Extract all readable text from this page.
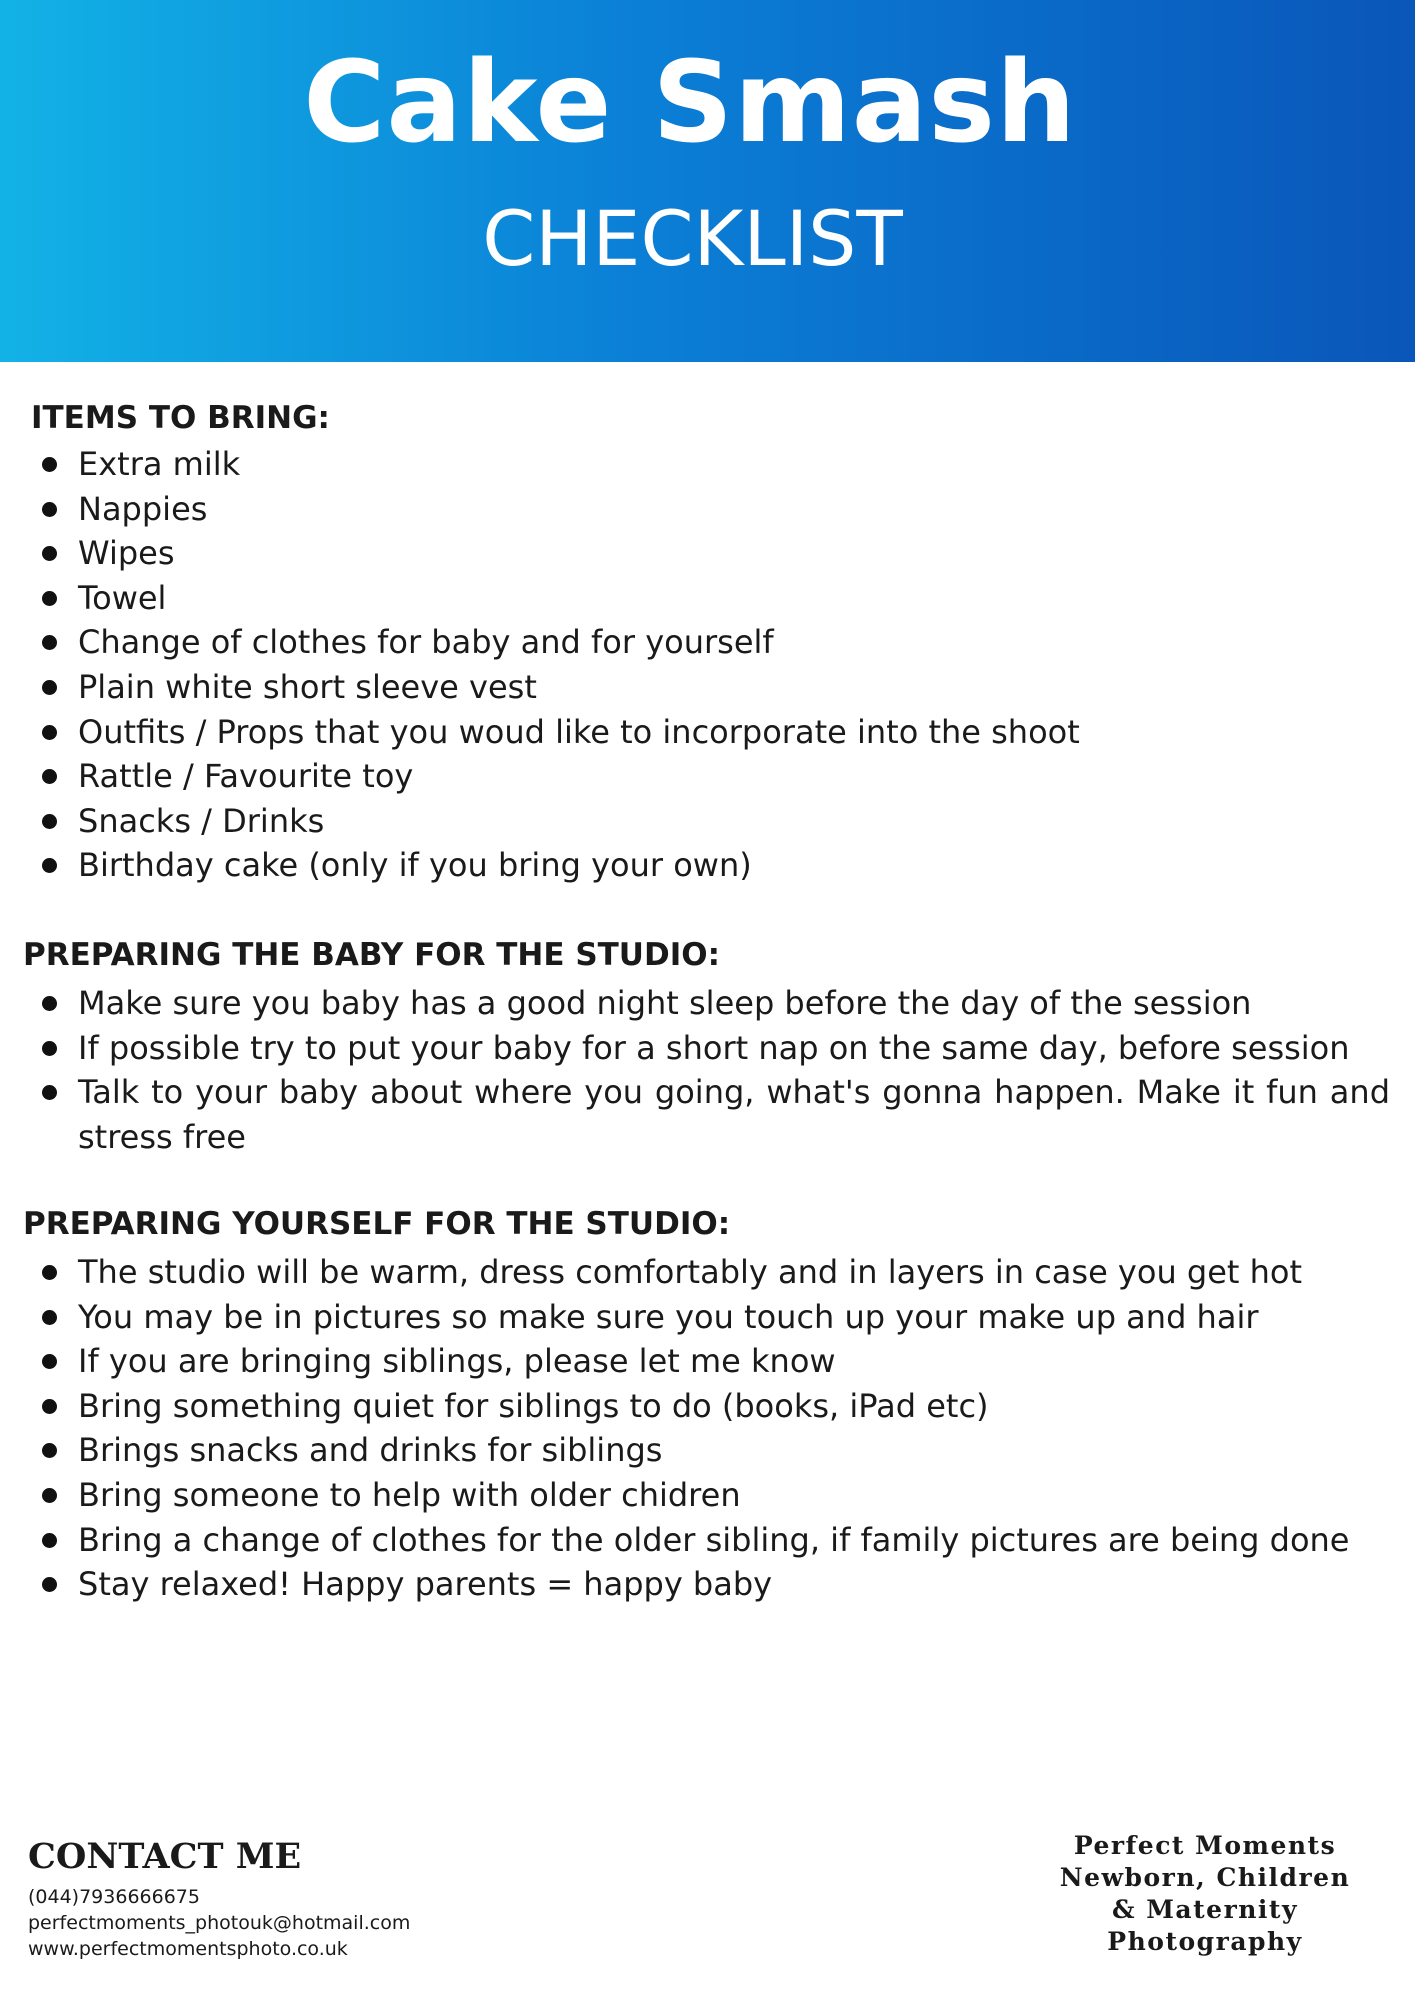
Cake Smash
CHECKLIST
ITEMS TO BRING:
Extra milk
Nappies
Wipes
Towel
Change of clothes for baby and for yourself
Plain white short sleeve vest
Outfits / Props that you woud like to incorporate into the shoot
Rattle / Favourite toy
Snacks / Drinks
Birthday cake (only if you bring your own)
PREPARING THE BABY FOR THE STUDIO:
Make sure you baby has a good night sleep before the day of the session
If possible try to put your baby for a short nap on the same day, before session
Talk to your baby about where you going, what's gonna happen. Make it fun and stress free
PREPARING YOURSELF FOR THE STUDIO:
The studio will be warm, dress comfortably and in layers in case you get hot
You may be in pictures so make sure you touch up your make up and hair
If you are bringing siblings, please let me know
Bring something quiet for siblings to do (books, iPad etc)
Brings snacks and drinks for siblings
Bring someone to help with older chidren
Bring a change of clothes for the older sibling, if family pictures are being done
Stay relaxed! Happy parents = happy baby
CONTACT ME
(044)7936666675
perfectmoments_photouk@hotmail.com
www.perfectmomentsphoto.co.uk
Perfect Moments
Newborn, Children
& Maternity
Photography
